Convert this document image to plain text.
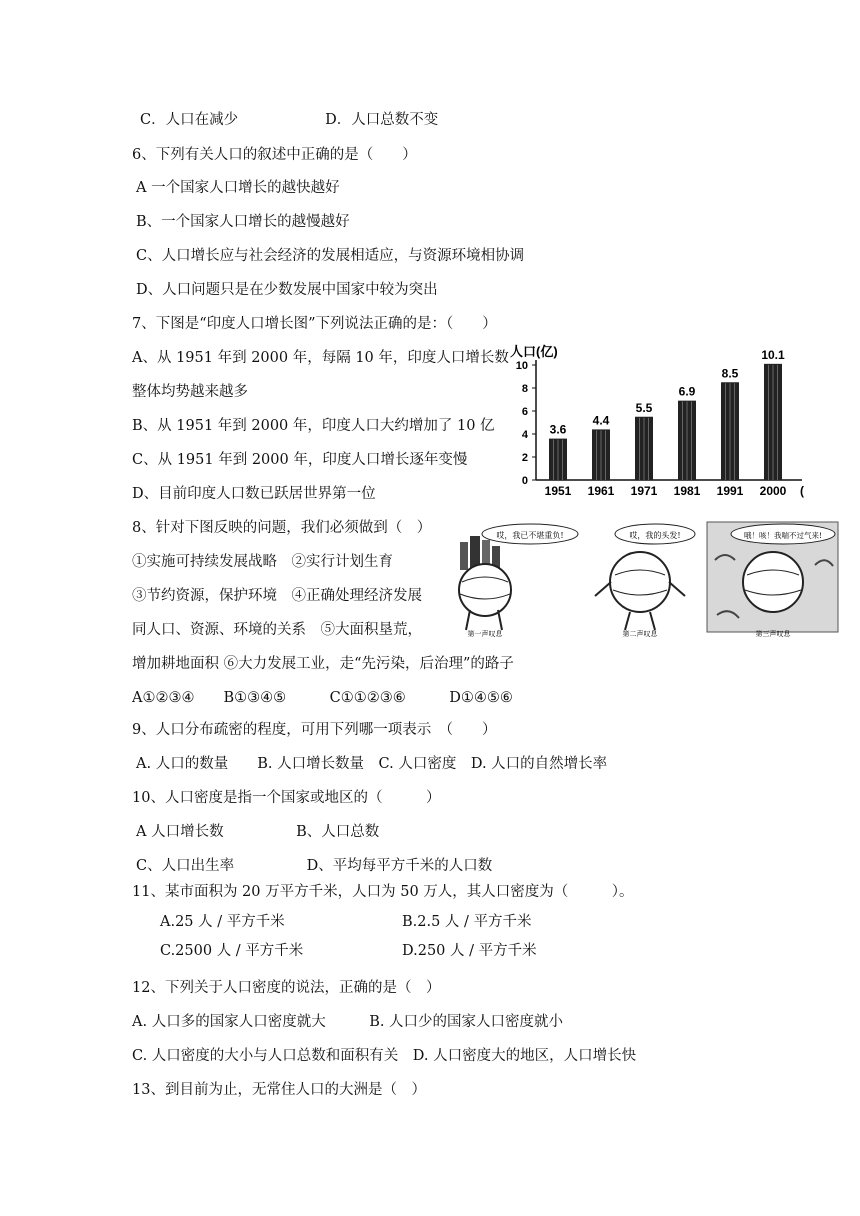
C．人口在减少　　　　　　D．人口总数不变
6、下列有关人口的叙述中正确的是（　　）
A 一个国家人口增长的越快越好
B、一个国家人口增长的越慢越好
C、人口增长应与社会经济的发展相适应，与资源环境相协调
D、人口问题只是在少数发展中国家中较为突出
7、下图是“印度人口增长图”下列说法正确的是：（　　）
A、从 1951 年到 2000 年，每隔 10 年，印度人口增长数
整体均势越来越多
B、从 1951 年到 2000 年，印度人口大约增加了 10 亿
C、从 1951 年到 2000 年，印度人口增长逐年变慢
D、目前印度人口数已跃居世界第一位
8、针对下图反映的问题，我们必须做到（　）
①实施可持续发展战略　②实行计划生育
③节约资源，保护环境　④正确处理经济发展
同人口、资源、环境的关系　⑤大面积垦荒，
增加耕地面积 ⑥大力发展工业，走“先污染，后治理”的路子
A①②③④　　B①③④⑤　　　C①①②③⑥　　　D①④⑤⑥
9、人口分布疏密的程度，可用下列哪一项表示　（　　）
A. 人口的数量　　B. 人口增长数量　C. 人口密度　D. 人口的自然增长率
10、人口密度是指一个国家或地区的（　　　）
A 人口增长数　　　　　B、人口总数
C、人口出生率　　　　　D、平均每平方千米的人口数
11、某市面积为 20 万平方千米，人口为 50 万人，其人口密度为（　　　）。
A.25 人 / 平方千米	B.2.5 人 / 平方千米
C.2500 人 / 平方千米	D.250 人 / 平方千米
12、下列关于人口密度的说法，正确的是（　）
A. 人口多的国家人口密度就大　　　B. 人口少的国家人口密度就小
C. 人口密度的大小与人口总数和面积有关　D. 人口密度大的地区，人口增长快
13、到目前为止，无常住人口的大洲是（　）
人口(亿)
0
2
4
6
8
10
3.6
1951
4.4
1961
5.5
1971
6.9
1981
8.5
1991
10.1
2000 (
哎，我已不堪重负!
第一声叹息
哎，我的头发!
第二声叹息
哦！咳！我喘不过气来!
第三声叹息
